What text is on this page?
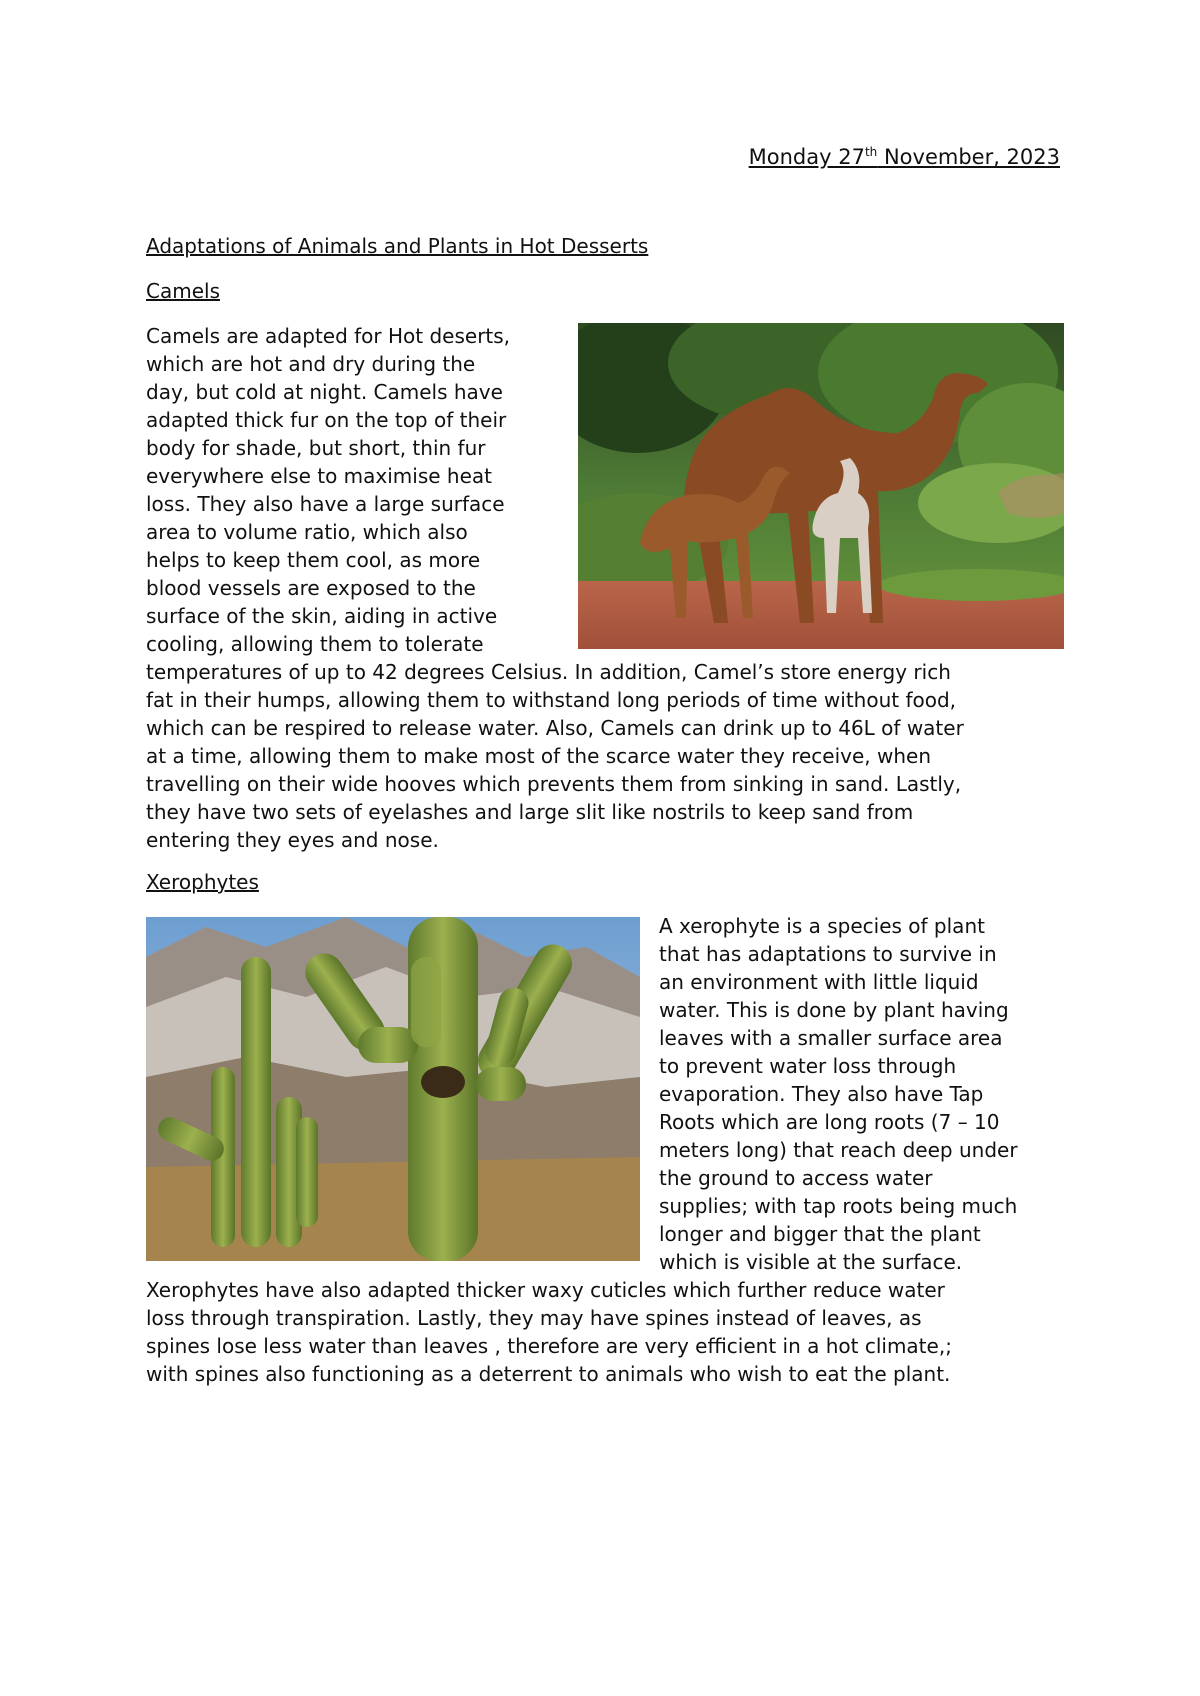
Monday 27th November, 2023
Adaptations of Animals and Plants in Hot Desserts
Camels
Camels are adapted for Hot deserts,
which are hot and dry during the
day, but cold at night. Camels have
adapted thick fur on the top of their
body for shade, but short, thin fur
everywhere else to maximise heat
loss. They also have a large surface
area to volume ratio, which also
helps to keep them cool, as more
blood vessels are exposed to the
surface of the skin, aiding in active
cooling, allowing them to tolerate
temperatures of up to 42 degrees Celsius. In addition, Camel’s store energy rich
fat in their humps, allowing them to withstand long periods of time without food,
which can be respired to release water. Also, Camels can drink up to 46L of water
at a time, allowing them to make most of the scarce water they receive, when
travelling on their wide hooves which prevents them from sinking in sand. Lastly,
they have two sets of eyelashes and large slit like nostrils to keep sand from
entering they eyes and nose.
Xerophytes
A xerophyte is a species of plant
that has adaptations to survive in
an environment with little liquid
water. This is done by plant having
leaves with a smaller surface area
to prevent water loss through
evaporation. They also have Tap
Roots which are long roots (7 – 10
meters long) that reach deep under
the ground to access water
supplies; with tap roots being much
longer and bigger that the plant
which is visible at the surface.
Xerophytes have also adapted thicker waxy cuticles which further reduce water
loss through transpiration. Lastly, they may have spines instead of leaves, as
spines lose less water than leaves , therefore are very efficient in a hot climate,;
with spines also functioning as a deterrent to animals who wish to eat the plant.
